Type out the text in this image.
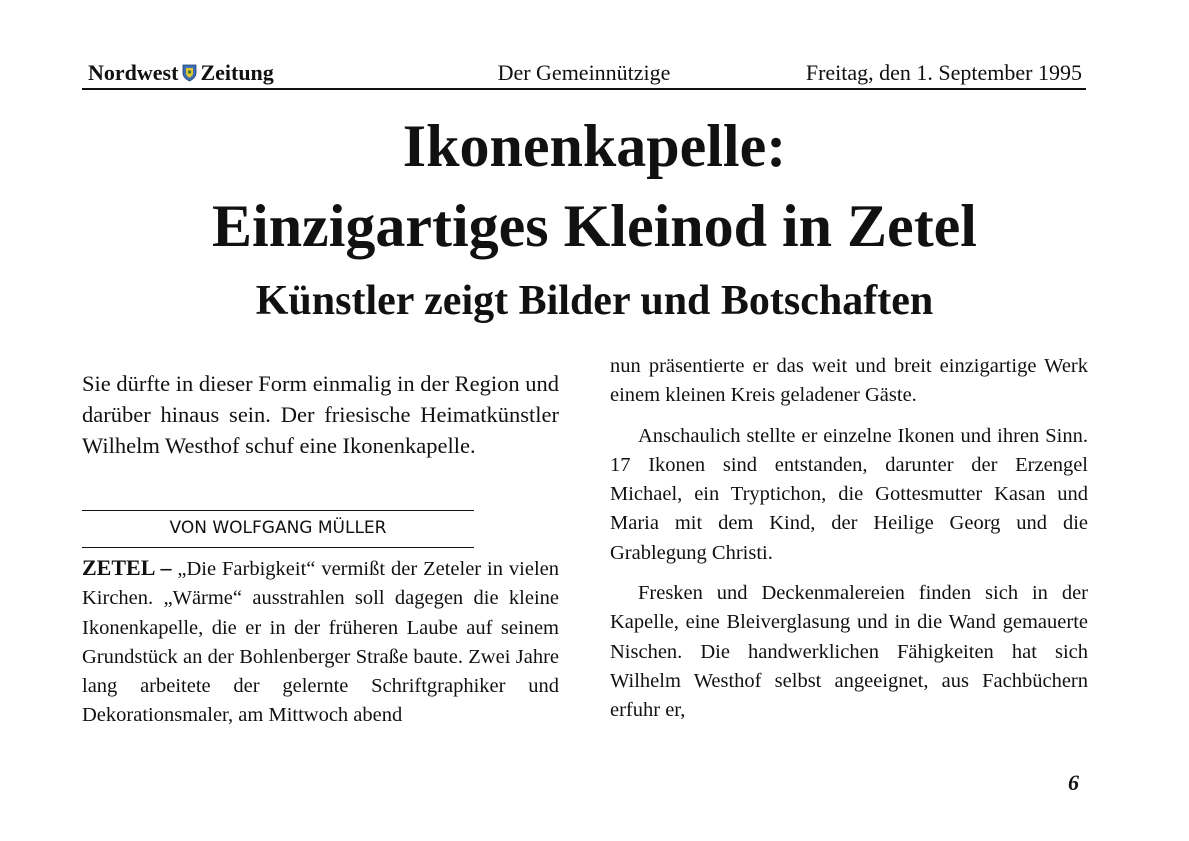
Nordwest Zeitung	Der Gemeinnützige	Freitag, den 1. September 1995
Ikonenkapelle:
Einzigartiges Kleinod in Zetel
Künstler zeigt Bilder und Botschaften

Sie dürfte in dieser Form einmalig in der Region und darüber hinaus sein. Der friesische Heimatkünstler Wilhelm Westhof schuf eine Ikonenkapelle.

VON WOLFGANG MÜLLER

ZETEL – „Die Farbigkeit“ vermißt der Zeteler in vielen Kirchen. „Wärme“ ausstrahlen soll dagegen die kleine Ikonenkapelle, die er in der früheren Laube auf seinem Grundstück an der Bohlenberger Straße baute. Zwei Jahre lang arbeitete der gelernte Schriftgraphiker und Dekorationsmaler, am Mittwoch abend

nun präsentierte er das weit und breit einzigartige Werk einem kleinen Kreis geladener Gäste.

Anschaulich stellte er einzelne Ikonen und ihren Sinn. 17 Ikonen sind entstanden, darunter der Erzengel Michael, ein Tryptichon, die Gottesmutter Kasan und Maria mit dem Kind, der Heilige Georg und die Grablegung Christi.

Fresken und Deckenmalereien finden sich in der Kapelle, eine Bleiverglasung und in die Wand gemauerte Nischen. Die handwerklichen Fähigkeiten hat sich Wilhelm Westhof selbst angeeignet, aus Fachbüchern erfuhr er,

6
